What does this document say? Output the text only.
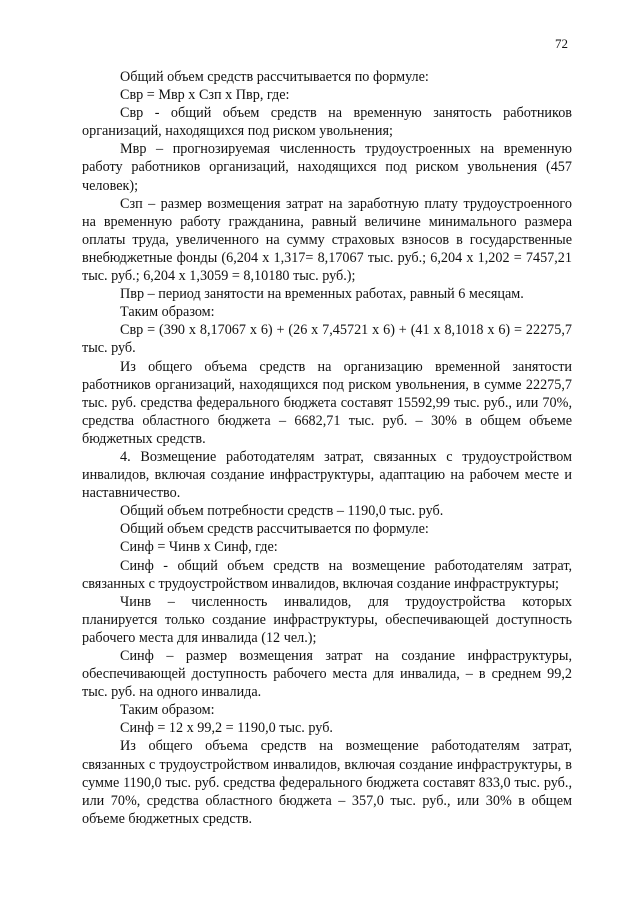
72

Общий объем средств рассчитывается по формуле:

Свр = Мвр х Сзп х Пвр, где:

Свр - общий объем средств на временную занятость работников организаций, находящихся под риском увольнения;

Мвр – прогнозируемая численность трудоустроенных на временную работу работников организаций, находящихся под риском увольнения (457 человек);

Сзп – размер возмещения затрат на заработную плату трудоустроенного на временную работу гражданина, равный величине минимального размера оплаты труда, увеличенного на сумму страховых взносов в государственные внебюджетные фонды (6,204 х 1,317= 8,17067 тыс. руб.; 6,204 х 1,202 = 7457,21 тыс. руб.; 6,204 х 1,3059 = 8,10180 тыс. руб.);

Пвр – период занятости на временных работах, равный 6 месяцам.

Таким образом:

Свр = (390 х 8,17067 х 6) + (26 х 7,45721 х 6) + (41 х 8,1018 х 6) = 22275,7 тыс. руб.

Из общего объема средств на организацию временной занятости работников организаций, находящихся под риском увольнения, в сумме 22275,7 тыс. руб. средства федерального бюджета составят 15592,99 тыс. руб., или 70%, средства областного бюджета – 6682,71 тыс. руб. – 30% в общем объеме бюджетных средств.

4. Возмещение работодателям затрат, связанных с трудоустройством инвалидов, включая создание инфраструктуры, адаптацию на рабочем месте и наставничество.

Общий объем потребности средств – 1190,0 тыс. руб.

Общий объем средств рассчитывается по формуле:

Синф = Чинв х Синф, где:

Синф - общий объем средств на возмещение работодателям затрат, связанных с трудоустройством инвалидов, включая создание инфраструктуры;

Чинв – численность инвалидов, для трудоустройства которых планируется только создание инфраструктуры, обеспечивающей доступность рабочего места для инвалида (12 чел.);

Синф – размер возмещения затрат на создание инфраструктуры, обеспечивающей доступность рабочего места для инвалида, – в среднем 99,2 тыс. руб. на одного инвалида.

Таким образом:

Синф = 12 х 99,2 = 1190,0 тыс. руб.

Из общего объема средств на возмещение работодателям затрат, связанных с трудоустройством инвалидов, включая создание инфраструктуры, в сумме 1190,0 тыс. руб. средства федерального бюджета составят 833,0 тыс. руб., или 70%, средства областного бюджета – 357,0 тыс. руб., или 30% в общем объеме бюджетных средств.
